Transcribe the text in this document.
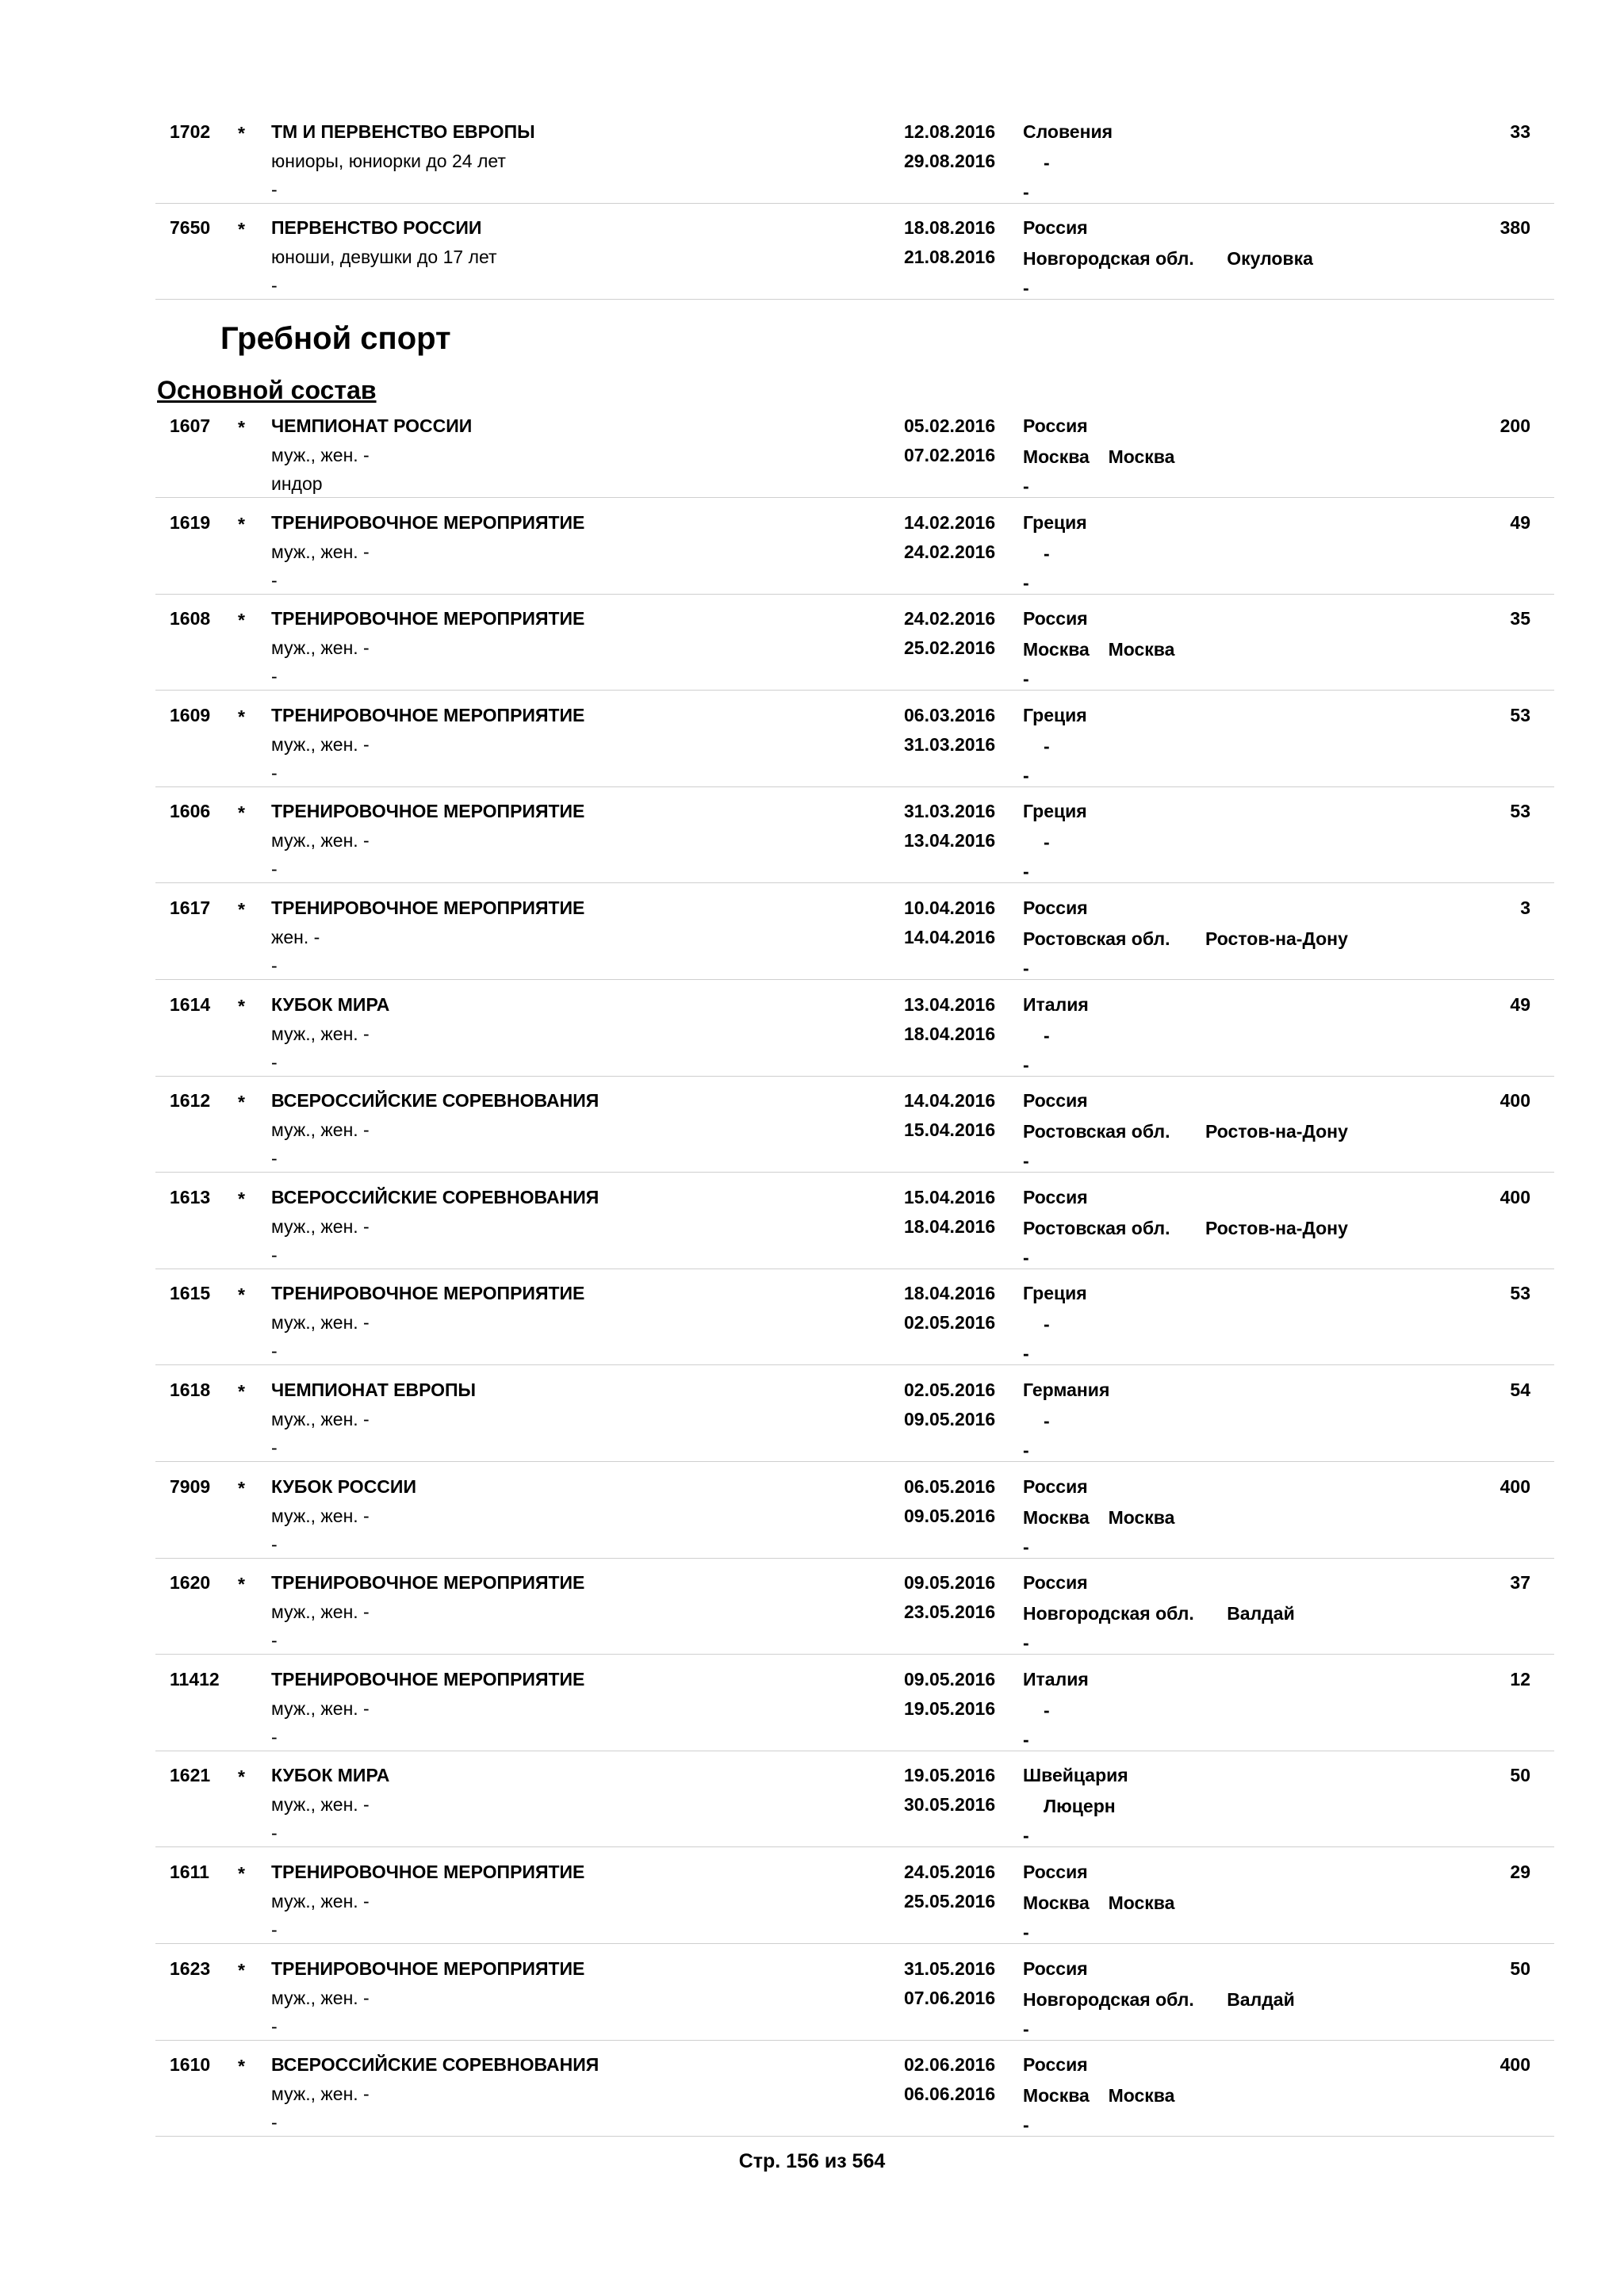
1702 * ТМ И ПЕРВЕНСТВО ЕВРОПЫ
юниоры, юниорки до 24 лет
-
12.08.2016
29.08.2016
Словения
-
-
33
7650 * ПЕРВЕНСТВО РОССИИ
юноши, девушки до 17 лет
-
18.08.2016
21.08.2016
Россия
Новгородская обл. Окуловка
-
380
Гребной спорт
Основной состав
1607 * ЧЕМПИОНАТ РОССИИ
муж., жен. -
индор
05.02.2016
07.02.2016
Россия
Москва Москва
-
200
1619 * ТРЕНИРОВОЧНОЕ МЕРОПРИЯТИЕ
муж., жен. -
-
14.02.2016
24.02.2016
Греция
-
-
49
1608 * ТРЕНИРОВОЧНОЕ МЕРОПРИЯТИЕ
муж., жен. -
-
24.02.2016
25.02.2016
Россия
Москва Москва
-
35
1609 * ТРЕНИРОВОЧНОЕ МЕРОПРИЯТИЕ
муж., жен. -
-
06.03.2016
31.03.2016
Греция
-
-
53
1606 * ТРЕНИРОВОЧНОЕ МЕРОПРИЯТИЕ
муж., жен. -
-
31.03.2016
13.04.2016
Греция
-
-
53
1617 * ТРЕНИРОВОЧНОЕ МЕРОПРИЯТИЕ
жен. -
-
10.04.2016
14.04.2016
Россия
Ростовская обл. Ростов-на-Дону
-
3
1614 * КУБОК МИРА
муж., жен. -
-
13.04.2016
18.04.2016
Италия
-
-
49
1612 * ВСЕРОССИЙСКИЕ СОРЕВНОВАНИЯ
муж., жен. -
-
14.04.2016
15.04.2016
Россия
Ростовская обл. Ростов-на-Дону
-
400
1613 * ВСЕРОССИЙСКИЕ СОРЕВНОВАНИЯ
муж., жен. -
-
15.04.2016
18.04.2016
Россия
Ростовская обл. Ростов-на-Дону
-
400
1615 * ТРЕНИРОВОЧНОЕ МЕРОПРИЯТИЕ
муж., жен. -
-
18.04.2016
02.05.2016
Греция
-
-
53
1618 * ЧЕМПИОНАТ ЕВРОПЫ
муж., жен. -
-
02.05.2016
09.05.2016
Германия
-
-
54
7909 * КУБОК РОССИИ
муж., жен. -
-
06.05.2016
09.05.2016
Россия
Москва Москва
-
400
1620 * ТРЕНИРОВОЧНОЕ МЕРОПРИЯТИЕ
муж., жен. -
-
09.05.2016
23.05.2016
Россия
Новгородская обл. Валдай
-
37
11412	ТРЕНИРОВОЧНОЕ МЕРОПРИЯТИЕ
муж., жен. -
-
09.05.2016
19.05.2016
Италия
-
-
12
1621 * КУБОК МИРА
муж., жен. -
-
19.05.2016
30.05.2016
Швейцария
Люцерн
-
50
1611 * ТРЕНИРОВОЧНОЕ МЕРОПРИЯТИЕ
муж., жен. -
-
24.05.2016
25.05.2016
Россия
Москва Москва
-
29
1623 * ТРЕНИРОВОЧНОЕ МЕРОПРИЯТИЕ
муж., жен. -
-
31.05.2016
07.06.2016
Россия
Новгородская обл. Валдай
-
50
1610 * ВСЕРОССИЙСКИЕ СОРЕВНОВАНИЯ
муж., жен. -
-
02.06.2016
06.06.2016
Россия
Москва Москва
-
400
Стр. 156 из 564
